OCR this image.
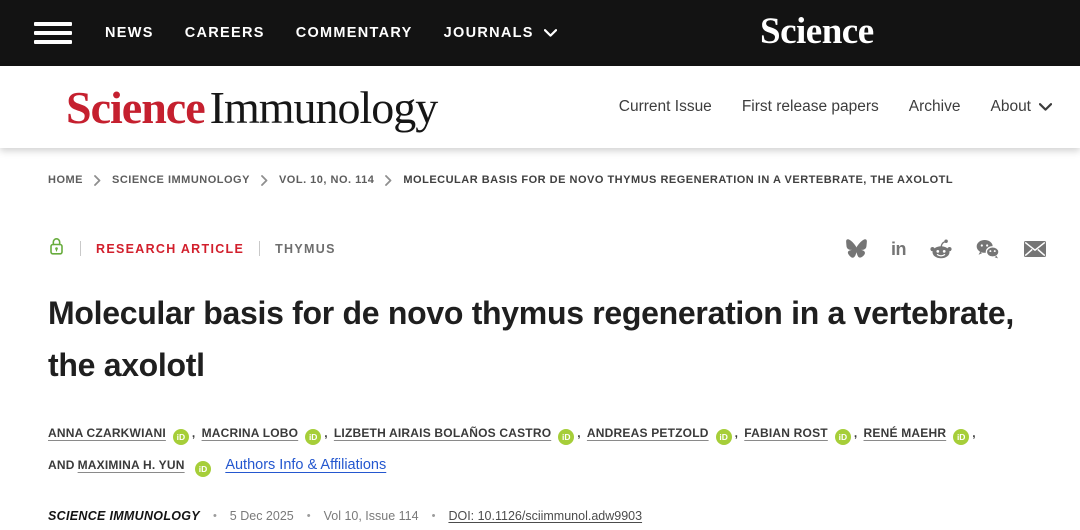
NEWS CAREERS COMMENTARY JOURNALS	Science
Science Immunology	Current Issue First release papers Archive About
HOME	SCIENCE IMMUNOLOGY	VOL. 10, NO. 114	MOLECULAR BASIS FOR DE NOVO THYMUS REGENERATION IN A VERTEBRATE, THE AXOLOTL
RESEARCH ARTICLE THYMUS	in
Molecular basis for de novo thymus regeneration in a vertebrate, the axolotl

ANNA CZARKWIANI iD , MACRINA LOBO iD , LIZBETH AIRAIS BOLAÑOS CASTRO iD , ANDREAS PETZOLD iD , FABIAN ROST iD , RENÉ MAEHR iD , AND MAXIMINA H. YUN iD Authors Info & Affiliations

SCIENCE IMMUNOLOGY • 5 Dec 2025 • Vol 10, Issue 114 • DOI: 10.1126/sciimmunol.adw9903
